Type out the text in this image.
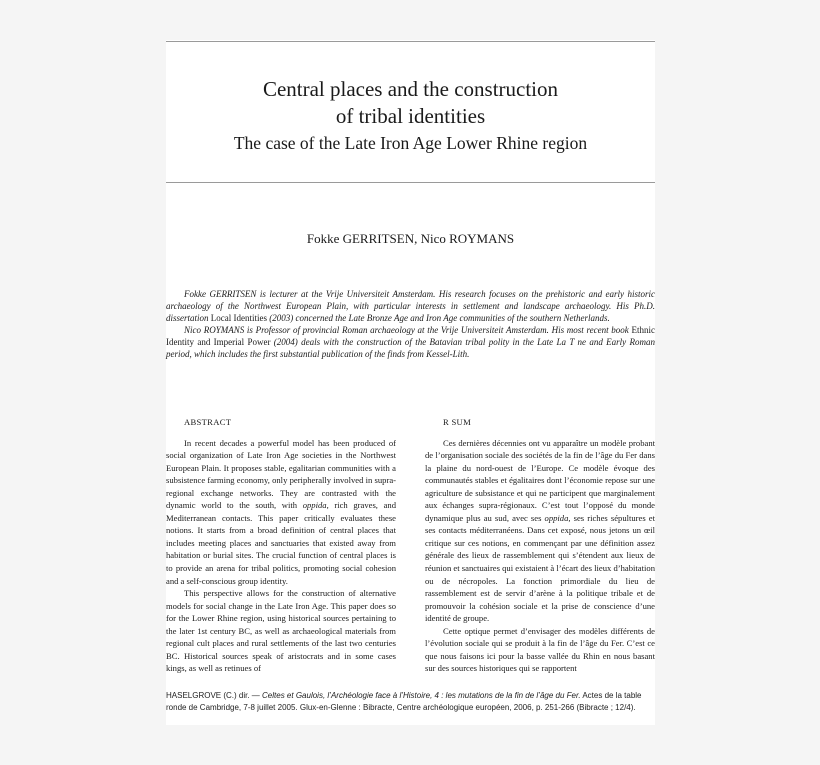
Central places and the construction
of tribal identities
The case of the Late Iron Age Lower Rhine region
Fokke GERRITSEN, Nico ROYMANS

Fokke GERRITSEN is lecturer at the Vrije Universiteit Amsterdam. His research focuses on the prehistoric and early historic archaeology of the Northwest European Plain, with particular interests in settlement and landscape archaeology. His Ph.D. dissertation Local Identities (2003) concerned the Late Bronze Age and Iron Age communities of the southern Netherlands.

Nico ROYMANS is Professor of provincial Roman archaeology at the Vrije Universiteit Amsterdam. His most recent book Ethnic Identity and Imperial Power (2004) deals with the construction of the Batavian tribal polity in the Late La T ne and Early Roman period, which includes the first substantial publication of the finds from Kessel-Lith.

ABSTRACT

In recent decades a powerful model has been produced of social organization of Late Iron Age societies in the Northwest European Plain. It proposes stable, egalitarian communities with a subsistence farming economy, only peripherally involved in supra-regional exchange networks. They are contrasted with the dynamic world to the south, with oppida, rich graves, and Mediterranean contacts. This paper critically evaluates these notions. It starts from a broad definition of central places that includes meeting places and sanctuaries that existed away from habitation or burial sites. The crucial function of central places is to provide an arena for tribal politics, promoting social cohesion and a self-conscious group identity.

This perspective allows for the construction of alternative models for social change in the Late Iron Age. This paper does so for the Lower Rhine region, using historical sources pertaining to the later 1st century BC, as well as archaeological materials from regional cult places and rural settlements of the last two centuries BC. Historical sources speak of aristocrats and in some cases kings, as well as retinues of

R SUM

Ces dernières décennies ont vu apparaître un modèle probant de l’organisation sociale des sociétés de la fin de l’âge du Fer dans la plaine du nord-ouest de l’Europe. Ce modèle évoque des communautés stables et égalitaires dont l’économie repose sur une agriculture de subsistance et qui ne participent que marginalement aux échanges supra-régionaux. C’est tout l’opposé du monde dynamique plus au sud, avec ses oppida, ses riches sépultures et ses contacts méditerranéens. Dans cet exposé, nous jetons un œil critique sur ces notions, en commençant par une définition assez générale des lieux de rassemblement qui s’étendent aux lieux de réunion et sanctuaires qui existaient à l’écart des lieux d’habitation ou de nécropoles. La fonction primordiale du lieu de rassemblement est de servir d’arène à la politique tribale et de promouvoir la cohésion sociale et la prise de conscience d’une identité de groupe.

Cette optique permet d’envisager des modèles différents de l’évolution sociale qui se produit à la fin de l’âge du Fer. C’est ce que nous faisons ici pour la basse vallée du Rhin en nous basant sur des sources historiques qui se rapportent

HASELGROVE (C.) dir. — Celtes et Gaulois, l’Archéologie face à l’Histoire, 4 : les mutations de la fin de l’âge du Fer. Actes de la table ronde de Cambridge, 7-8 juillet 2005. Glux-en-Glenne : Bibracte, Centre archéologique européen, 2006, p. 251-266 (Bibracte ; 12/4).
